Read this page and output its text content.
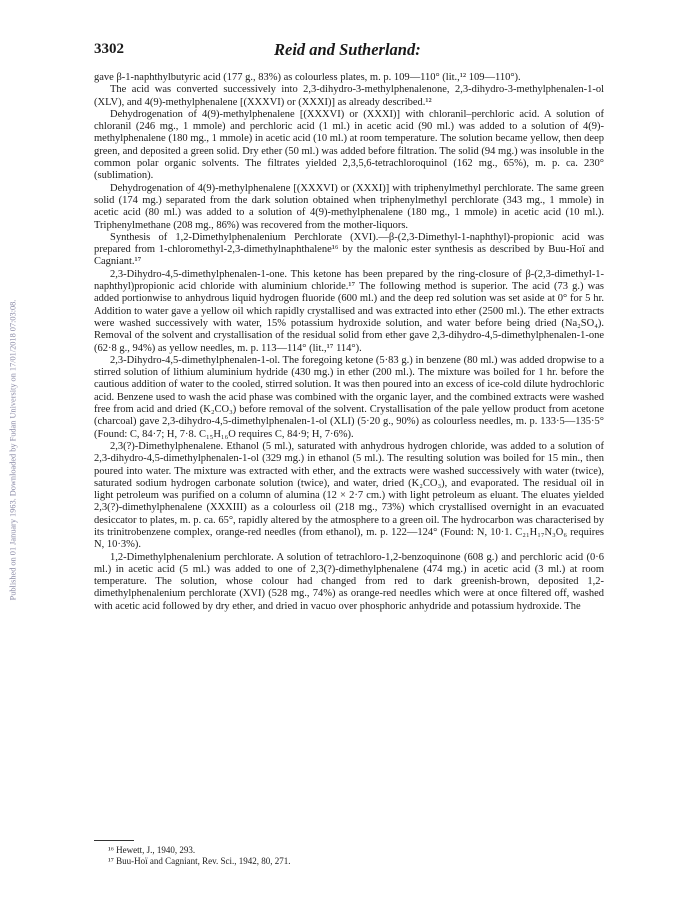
Published on 01 January 1963. Downloaded by Fudan University on 17/01/2018 07:03:08.
3302	Reid and Sutherland:

gave β-1-naphthylbutyric acid (177 g., 83%) as colourless plates, m. p. 109—110° (lit.,¹² 109—110°).

The acid was converted successively into 2,3-dihydro-3-methylphenalenone, 2,3-dihydro-3-methylphenalen-1-ol (XLV), and 4(9)-methylphenalene [(XXXVI) or (XXXI)] as already described.¹²

Dehydrogenation of 4(9)-methylphenalene [(XXXVI) or (XXXI)] with chloranil–perchloric acid. A solution of chloranil (246 mg., 1 mmole) and perchloric acid (1 ml.) in acetic acid (90 ml.) was added to a solution of 4(9)-methylphenalene (180 mg., 1 mmole) in acetic acid (10 ml.) at room temperature. The solution became yellow, then deep green, and deposited a green solid. Dry ether (50 ml.) was added before filtration. The solid (94 mg.) was insoluble in the common polar organic solvents. The filtrates yielded 2,3,5,6-tetrachloroquinol (162 mg., 65%), m. p. ca. 230° (sublimation).

Dehydrogenation of 4(9)-methylphenalene [(XXXVI) or (XXXI)] with triphenylmethyl perchlorate. The same green solid (174 mg.) separated from the dark solution obtained when triphenylmethyl perchlorate (343 mg., 1 mmole) in acetic acid (80 ml.) was added to a solution of 4(9)-methylphenalene (180 mg., 1 mmole) in acetic acid (10 ml.). Triphenylmethane (208 mg., 86%) was recovered from the mother-liquors.

Synthesis of 1,2-Dimethylphenalenium Perchlorate (XVI).—β-(2,3-Dimethyl-1-naphthyl)-propionic acid was prepared from 1-chloromethyl-2,3-dimethylnaphthalene¹⁶ by the malonic ester synthesis as described by Buu-Hoï and Cagniant.¹⁷

2,3-Dihydro-4,5-dimethylphenalen-1-one. This ketone has been prepared by the ring-closure of β-(2,3-dimethyl-1-naphthyl)propionic acid chloride with aluminium chloride.¹⁷ The following method is superior. The acid (73 g.) was added portionwise to anhydrous liquid hydrogen fluoride (600 ml.) and the deep red solution was set aside at 0° for 5 hr. Addition to water gave a yellow oil which rapidly crystallised and was extracted into ether (2500 ml.). The ether extracts were washed successively with water, 15% potassium hydroxide solution, and water before being dried (Na₂SO₄). Removal of the solvent and crystallisation of the residual solid from ether gave 2,3-dihydro-4,5-dimethylphenalen-1-one (62·8 g., 94%) as yellow needles, m. p. 113—114° (lit.,¹⁷ 114°).

2,3-Dihydro-4,5-dimethylphenalen-1-ol. The foregoing ketone (5·83 g.) in benzene (80 ml.) was added dropwise to a stirred solution of lithium aluminium hydride (430 mg.) in ether (200 ml.). The mixture was boiled for 1 hr. before the cautious addition of water to the cooled, stirred solution. It was then poured into an excess of ice-cold dilute hydrochloric acid. Benzene used to wash the acid phase was combined with the organic layer, and the combined extracts were washed free from acid and dried (K₂CO₃) before removal of the solvent. Crystallisation of the pale yellow product from acetone (charcoal) gave 2,3-dihydro-4,5-dimethylphenalen-1-ol (XLI) (5·20 g., 90%) as colourless needles, m. p. 133·5—135·5° (Found: C, 84·7; H, 7·8. C₁₅H₁₆O requires C, 84·9; H, 7·6%).

2,3(?)-Dimethylphenalene. Ethanol (5 ml.), saturated with anhydrous hydrogen chloride, was added to a solution of 2,3-dihydro-4,5-dimethylphenalen-1-ol (329 mg.) in ethanol (5 ml.). The resulting solution was boiled for 15 min., then poured into water. The mixture was extracted with ether, and the extracts were washed successively with water (twice), saturated sodium hydrogen carbonate solution (twice), and water, dried (K₂CO₃), and evaporated. The residual oil in light petroleum was purified on a column of alumina (12 × 2·7 cm.) with light petroleum as eluant. The eluates yielded 2,3(?)-dimethylphenalene (XXXIII) as a colourless oil (218 mg., 73%) which crystallised overnight in an evacuated desiccator to plates, m. p. ca. 65°, rapidly altered by the atmosphere to a green oil. The hydrocarbon was characterised by its trinitrobenzene complex, orange-red needles (from ethanol), m. p. 122—124° (Found: N, 10·1. C₂₁H₁₇N₃O₆ requires N, 10·3%).

1,2-Dimethylphenalenium perchlorate. A solution of tetrachloro-1,2-benzoquinone (608 g.) and perchloric acid (0·6 ml.) in acetic acid (5 ml.) was added to one of 2,3(?)-dimethylphenalene (474 mg.) in acetic acid (3 ml.) at room temperature. The solution, whose colour had changed from red to dark greenish-brown, deposited 1,2-dimethylphenalenium perchlorate (XVI) (528 mg., 74%) as orange-red needles which were at once filtered off, washed with acetic acid followed by dry ether, and dried in vacuo over phosphoric anhydride and potassium hydroxide. The

¹⁶ Hewett, J., 1940, 293.
¹⁷ Buu-Hoï and Cagniant, Rev. Sci., 1942, 80, 271.
